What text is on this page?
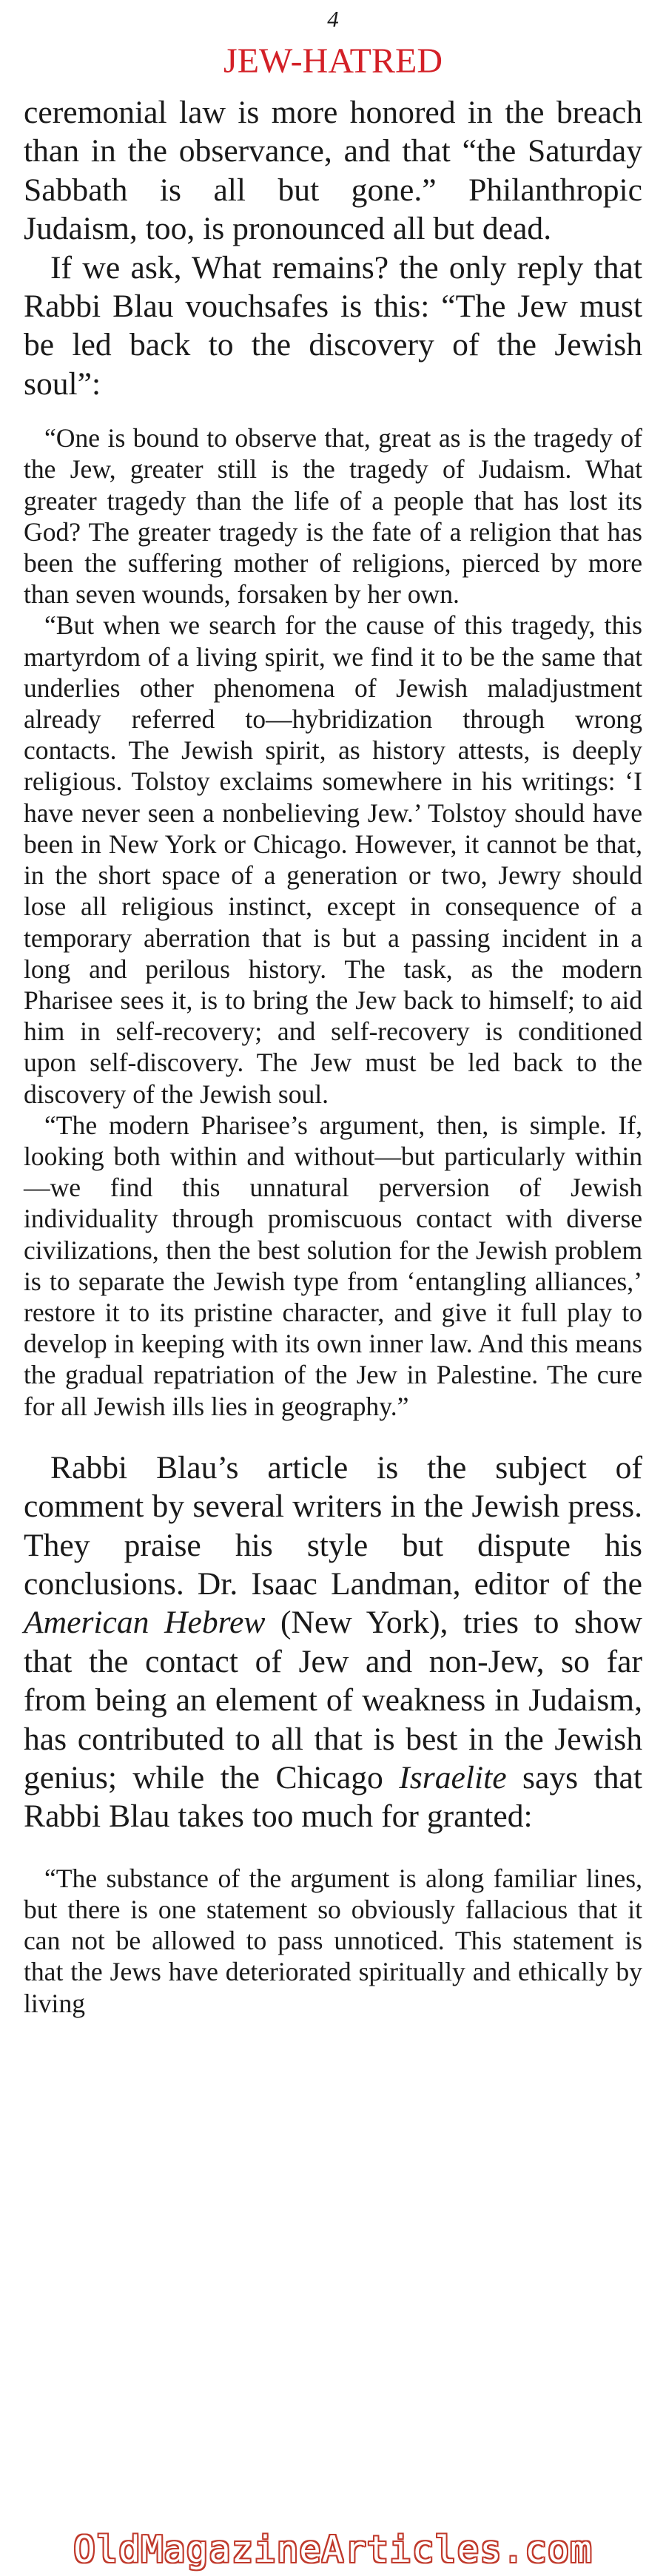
4
JEW-HATRED

ceremonial law is more honored in the breach than in the observance, and that “the Saturday Sabbath is all but gone.” Philanthropic Judaism, too, is pronounced all but dead.

If we ask, What remains? the only reply that Rabbi Blau vouchsafes is this: “The Jew must be led back to the discovery of the Jewish soul”:

“One is bound to observe that, great as is the tragedy of the Jew, greater still is the tragedy of Judaism. What greater tragedy than the life of a people that has lost its God? The greater tragedy is the fate of a religion that has been the suffering mother of religions, pierced by more than seven wounds, forsaken by her own.

“But when we search for the cause of this tragedy, this martyrdom of a living spirit, we find it to be the same that underlies other phenomena of Jewish maladjustment already referred to—hybridization through wrong contacts. The Jewish spirit, as history attests, is deeply religious. Tolstoy exclaims somewhere in his writings: ‘I have never seen a nonbelieving Jew.’ Tolstoy should have been in New York or Chicago. However, it cannot be that, in the short space of a generation or two, Jewry should lose all religious instinct, except in consequence of a temporary aberration that is but a passing incident in a long and perilous history. The task, as the modern Pharisee sees it, is to bring the Jew back to himself; to aid him in self-recovery; and self-recovery is conditioned upon self-discovery. The Jew must be led back to the discovery of the Jewish soul.

“The modern Pharisee’s argument, then, is simple. If, looking both within and without—but particularly within—we find this unnatural perversion of Jewish individuality through promiscuous contact with diverse civilizations, then the best solution for the Jewish problem is to separate the Jewish type from ‘entangling alliances,’ restore it to its pristine character, and give it full play to develop in keeping with its own inner law. And this means the gradual repatriation of the Jew in Palestine. The cure for all Jewish ills lies in geography.”

Rabbi Blau’s article is the subject of comment by several writers in the Jewish press. They praise his style but dispute his conclusions. Dr. Isaac Landman, editor of the American Hebrew (New York), tries to show that the contact of Jew and non-Jew, so far from being an element of weakness in Judaism, has contributed to all that is best in the Jewish genius; while the Chicago Israelite says that Rabbi Blau takes too much for granted:

“The substance of the argument is along familiar lines, but there is one statement so obviously fallacious that it can not be allowed to pass unnoticed. This statement is that the Jews have deteriorated spiritually and ethically by living

OldMagazineArticles.com
